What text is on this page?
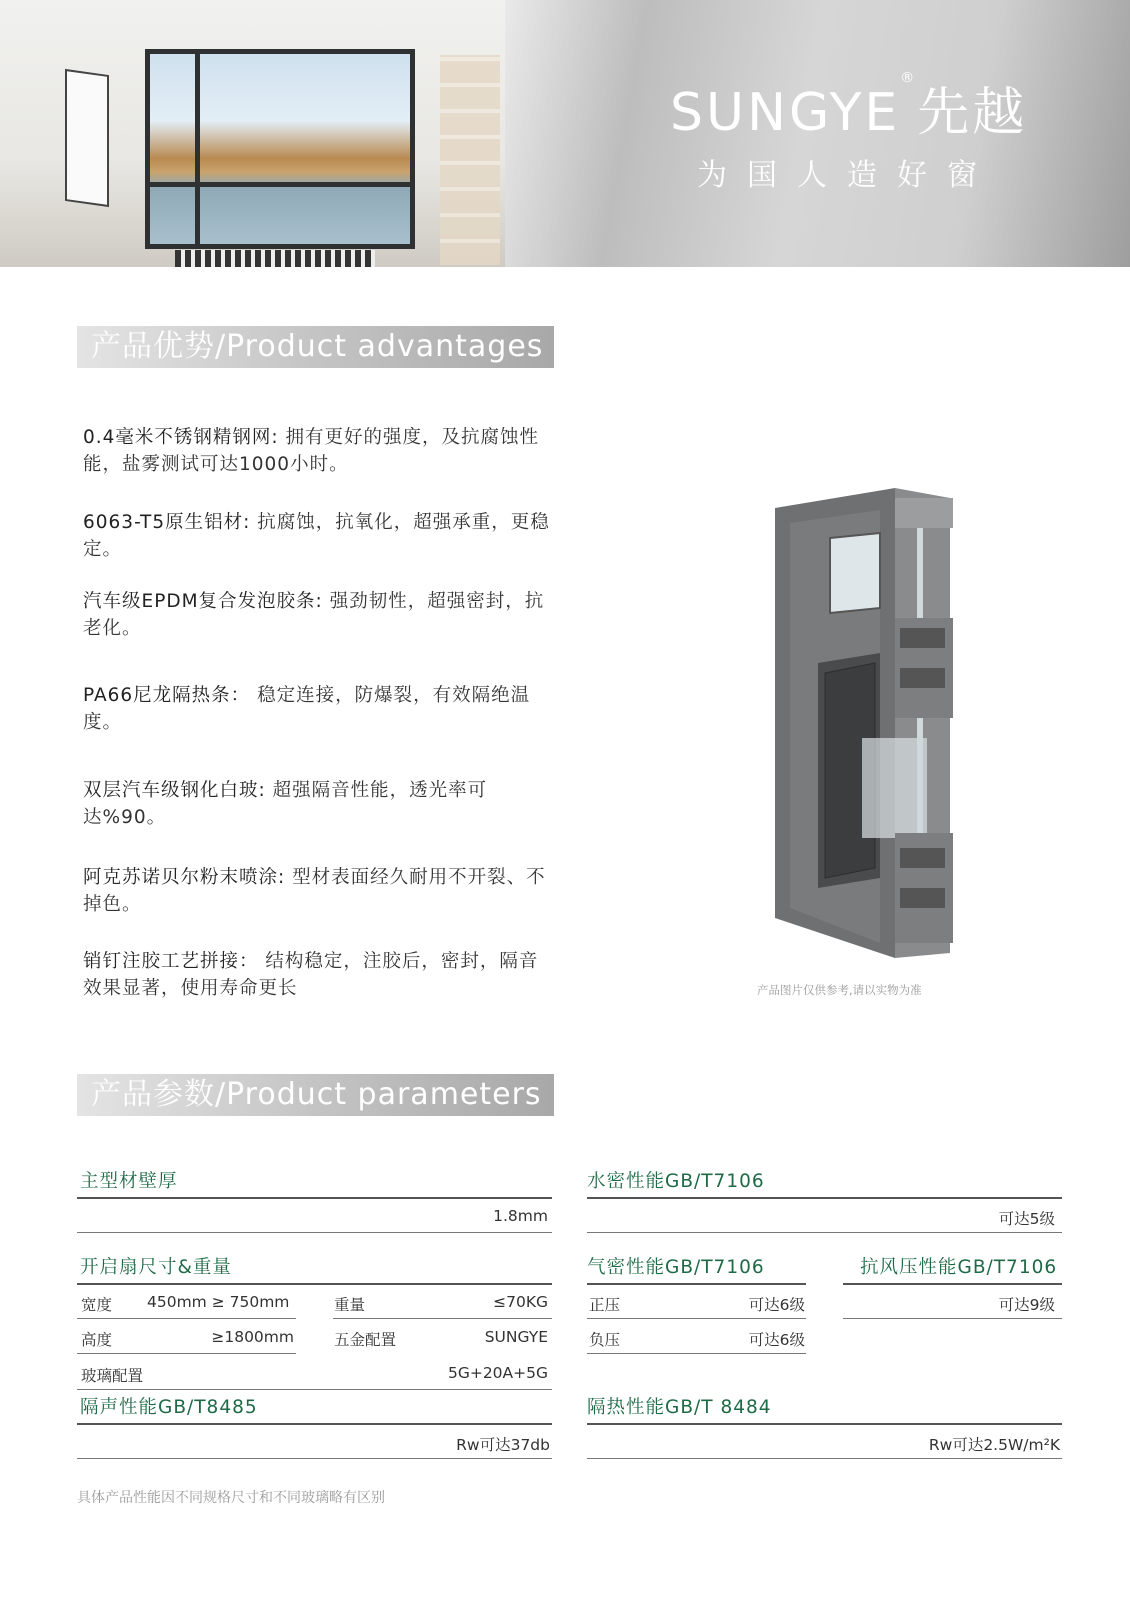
SUNGYE®先越
为国人造好窗
产品优势/Product advantages
0.4毫米不锈钢精钢网: 拥有更好的强度，及抗腐蚀性能，盐雾测试可达1000小时。
6063-T5原生铝材: 抗腐蚀，抗氧化，超强承重，更稳定。
汽车级EPDM复合发泡胶条: 强劲韧性，超强密封，抗老化。
PA66尼龙隔热条： 稳定连接，防爆裂，有效隔绝温度。
双层汽车级钢化白玻: 超强隔音性能，透光率可达%90。
阿克苏诺贝尔粉末喷涂: 型材表面经久耐用不开裂、不掉色。
销钉注胶工艺拼接： 结构稳定，注胶后，密封，隔音效果显著，使用寿命更长	产品图片仅供参考,请以实物为准
产品参数/Product parameters
主型材壁厚
1.8mm
水密性能GB/T7106
可达5级
开启扇尺寸&重量
宽度 450mm ≥ 750mm	重量	≤70KG
高度	≥1800mm	五金配置	SUNGYE
玻璃配置	5G+20A+5G
气密性能GB/T7106
正压	可达6级
负压	可达6级
抗风压性能GB/T7106
可达9级
隔声性能GB/T8485
Rw可达37db
隔热性能GB/T 8484
Rw可达2.5W/m²K
具体产品性能因不同规格尺寸和不同玻璃略有区别
